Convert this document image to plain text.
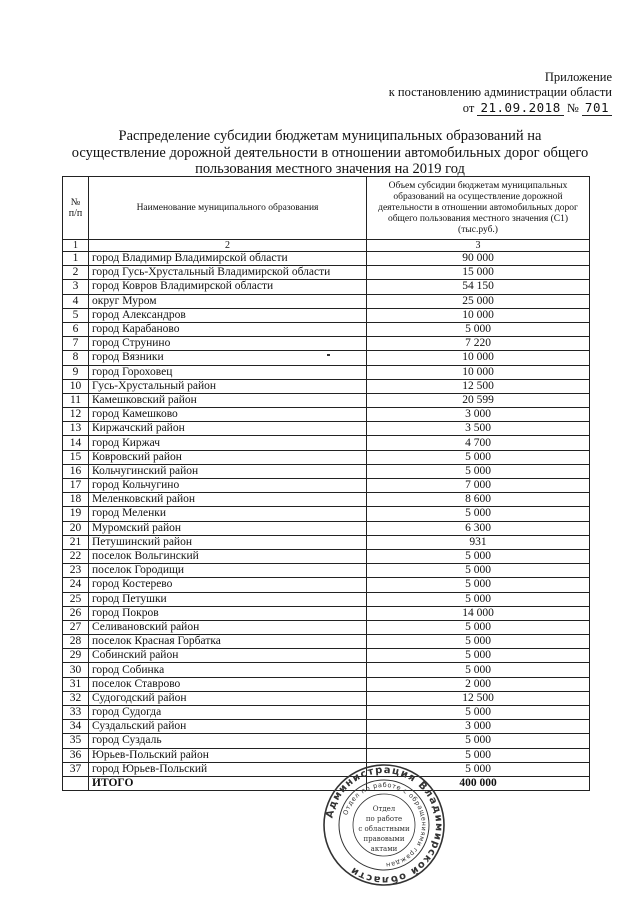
Приложение
к постановлению администрации области
от 21.09.2018 № 701
Распределение субсидии бюджетам муниципальных образований на осуществление дорожной деятельности в отношении автомобильных дорог общего пользования местного значения на 2019 год
№ п/п	Наименование муниципального образования	Объем субсидии бюджетам муниципальных образований на осуществление дорожной деятельности в отношении автомобильных дорог общего пользования местного значения (С1) (тыс.руб.)
1	2	3
1	город Владимир Владимирской области	90 000
2	город Гусь-Хрустальный Владимирской области	15 000
3	город Ковров Владимирской области	54 150
4	округ Муром	25 000
5	город Александров	10 000
6	город Карабаново	5 000
7	город Струнино	7 220
8	город Вязники	10 000
9	город Гороховец	10 000
10	Гусь-Хрустальный район	12 500
11	Камешковский район	20 599
12	город Камешково	3 000
13	Киржачский район	3 500
14	город Киржач	4 700
15	Ковровский район	5 000
16	Кольчугинский район	5 000
17	город Кольчугино	7 000
18	Меленковский район	8 600
19	город Меленки	5 000
20	Муромский район	6 300
21	Петушинский район	931
22	поселок Вольгинский	5 000
23	поселок Городищи	5 000
24	город Костерево	5 000
25	город Петушки	5 000
26	город Покров	14 000
27	Селивановский район	5 000
28	поселок Красная Горбатка	5 000
29	Собинский район	5 000
30	город Собинка	5 000
31	поселок Ставрово	2 000
32	Судогодский район	12 500
33	город Судогда	5 000
34	Суздальский район	3 000
35	город Суздаль	5 000
36	Юрьев-Польский район	5 000
37	город Юрьев-Польский	5 000
	ИТОГО	400 000
Администрация Владимирской области
Отдел по работе с обращениями граждан
Отдел
по работе
с областными
правовыми
актами
